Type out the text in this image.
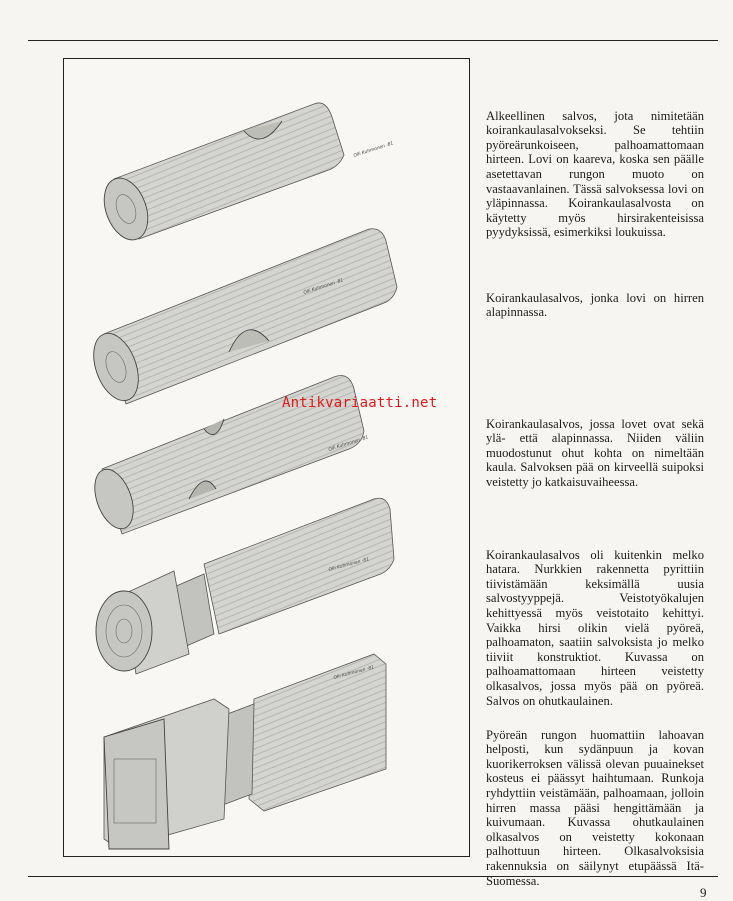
Olli Kuhmonen -81
Olli Kuhmonen -81
Olli Kuhmonen -81
Olli Kuhmonen -81
Olli Kuhmonen -81
Antikvariaatti.net

Alkeellinen salvos, jota nimitetään koirankaulasalvokseksi. Se tehtiin pyöreärunkoiseen, palhoamattomaan hirteen. Lovi on kaareva, koska sen päälle asetettavan rungon muoto on vastaavanlainen. Tässä salvoksessa lovi on yläpinnassa. Koirankaulasalvosta on käytetty myös hirsirakenteisissa pyydyksissä, esimerkiksi loukuissa.

Koirankaulasalvos, jonka lovi on hirren alapinnassa.

Koirankaulasalvos, jossa lovet ovat sekä ylä- että alapinnassa. Niiden väliin muodostunut ohut kohta on nimeltään kaula. Salvoksen pää on kirveellä suipoksi veistetty jo katkaisuvaiheessa.

Koirankaulasalvos oli kuitenkin melko hatara. Nurkkien rakennetta pyrittiin tiivistämään keksimällä uusia salvostyyppejä. Veistotyökalujen kehittyessä myös veistotaito kehittyi. Vaikka hirsi olikin vielä pyöreä, palhoamaton, saatiin salvoksista jo melko tiiviit konstruktiot. Kuvassa on palhoamattomaan hirteen veistetty olkasalvos, jossa myös pää on pyöreä. Salvos on ohutkaulainen.

Pyöreän rungon huomattiin lahoavan helposti, kun sydänpuun ja kovan kuorikerroksen välissä olevan puuainekset kosteus ei päässyt haihtumaan. Runkoja ryhdyttiin veistämään, palhoamaan, jolloin hirren massa pääsi hengittämään ja kuivumaan. Kuvassa ohutkaulainen olkasalvos on veistetty kokonaan palhottuun hirteen. Olkasalvoksisia rakennuksia on säilynyt etupäässä Itä-Suomessa.

9
